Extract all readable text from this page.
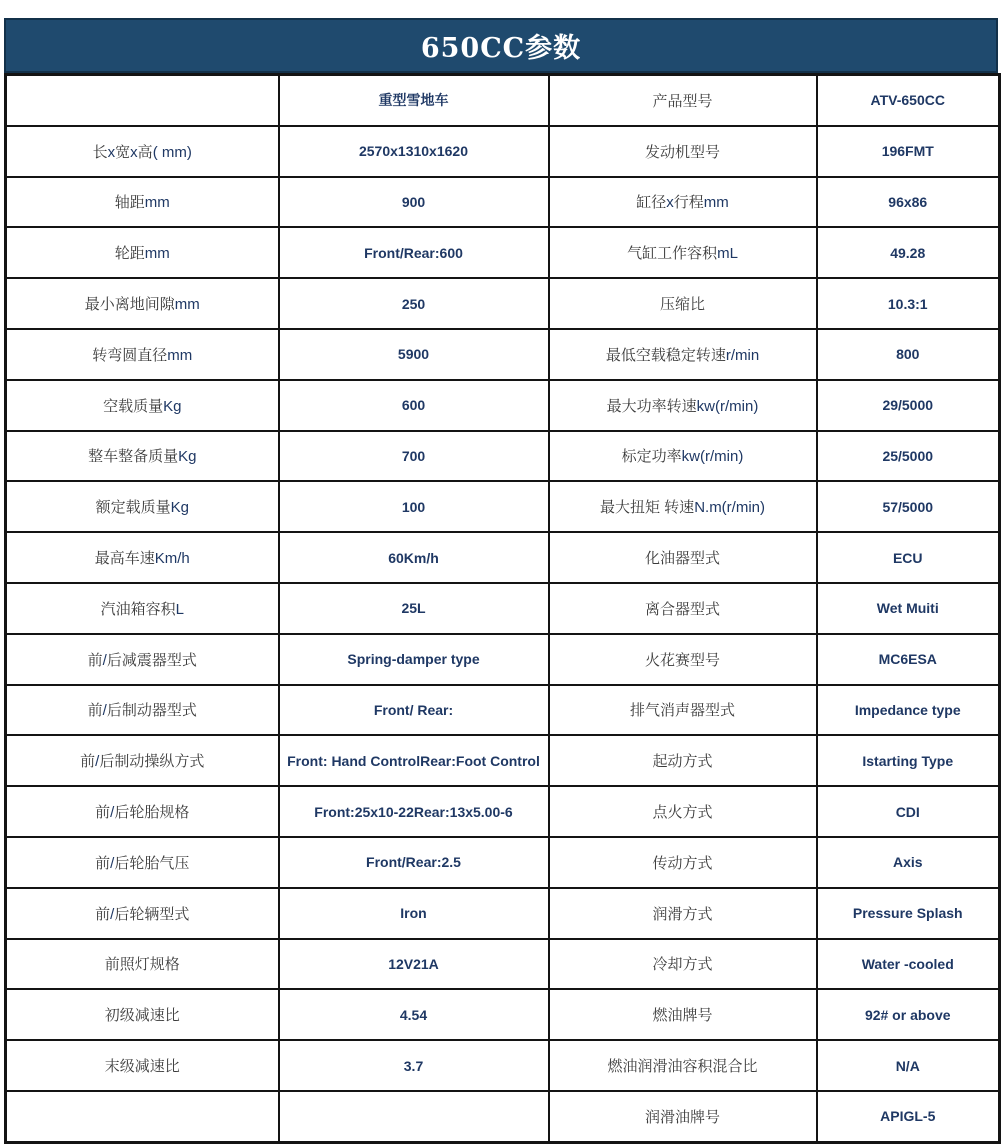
650CC参数
	重型雪地车	产品型号	ATV-650CC
长x宽x高( mm)	2570x1310x1620	发动机型号	196FMT
轴距mm	900	缸径x行程mm	96x86
轮距mm	Front/Rear:600	气缸工作容积mL	49.28
最小离地间隙mm	250	压缩比	10.3:1
转弯圆直径mm	5900	最低空载稳定转速r/min	800
空载质量Kg	600	最大功率转速kw(r/min)	29/5000
整车整备质量Kg	700	标定功率kw(r/min)	25/5000
额定载质量Kg	100	最大扭矩 转速N.m(r/min)	57/5000
最高车速Km/h	60Km/h	化油器型式	ECU
汽油箱容积L	25L	离合器型式	Wet Muiti
前/后减震器型式	Spring-damper type	火花赛型号	MC6ESA
前/后制动器型式	Front/ Rear:	排气消声器型式	Impedance type
前/后制动操纵方式	Front: Hand ControlRear:Foot Control	起动方式	Istarting Type
前/后轮胎规格	Front:25x10-22Rear:13x5.00-6	点火方式	CDI
前/后轮胎气压	Front/Rear:2.5	传动方式	Axis
前/后轮辆型式	Iron	润滑方式	Pressure Splash
前照灯规格	12V21A	冷却方式	Water -cooled
初级减速比	4.54	燃油牌号	92# or above
末级减速比	3.7	燃油润滑油容积混合比	N/A
		润滑油牌号	APIGL-5
